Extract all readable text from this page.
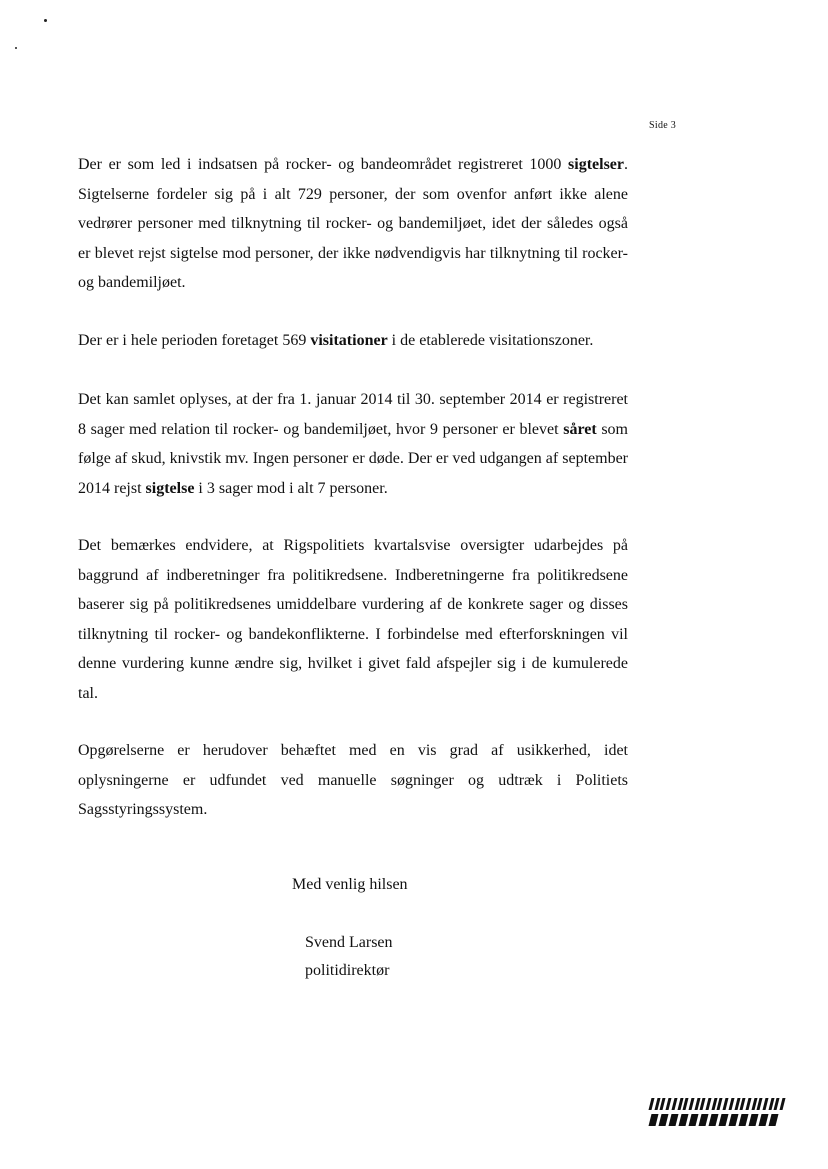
Side 3

Der er som led i indsatsen på rocker- og bandeområdet registreret 1000 sigtelser. Sigtelserne fordeler sig på i alt 729 personer, der som ovenfor anført ikke alene vedrører personer med tilknytning til rocker- og bandemiljøet, idet der således også er blevet rejst sigtelse mod personer, der ikke nødvendigvis har tilknytning til rocker- og bandemiljøet.

Der er i hele perioden foretaget 569 visitationer i de etablerede visitationszoner.

Det kan samlet oplyses, at der fra 1. januar 2014 til 30. september 2014 er registreret 8 sager med relation til rocker- og bandemiljøet, hvor 9 personer er blevet såret som følge af skud, knivstik mv. Ingen personer er døde. Der er ved udgangen af september 2014 rejst sigtelse i 3 sager mod i alt 7 personer.

Det bemærkes endvidere, at Rigspolitiets kvartalsvise oversigter udarbejdes på baggrund af indberetninger fra politikredsene. Indberetningerne fra politikredsene baserer sig på politikredsenes umiddelbare vurdering af de konkrete sager og disses tilknytning til rocker- og bandekonflikterne. I forbindelse med efterforskningen vil denne vurdering kunne ændre sig, hvilket i givet fald afspejler sig i de kumulerede tal.

Opgørelserne er herudover behæftet med en vis grad af usikkerhed, idet oplysningerne er udfundet ved manuelle søgninger og udtræk i Politiets Sagsstyringssystem.

Med venlig hilsen
Svend Larsen
politidirektør
